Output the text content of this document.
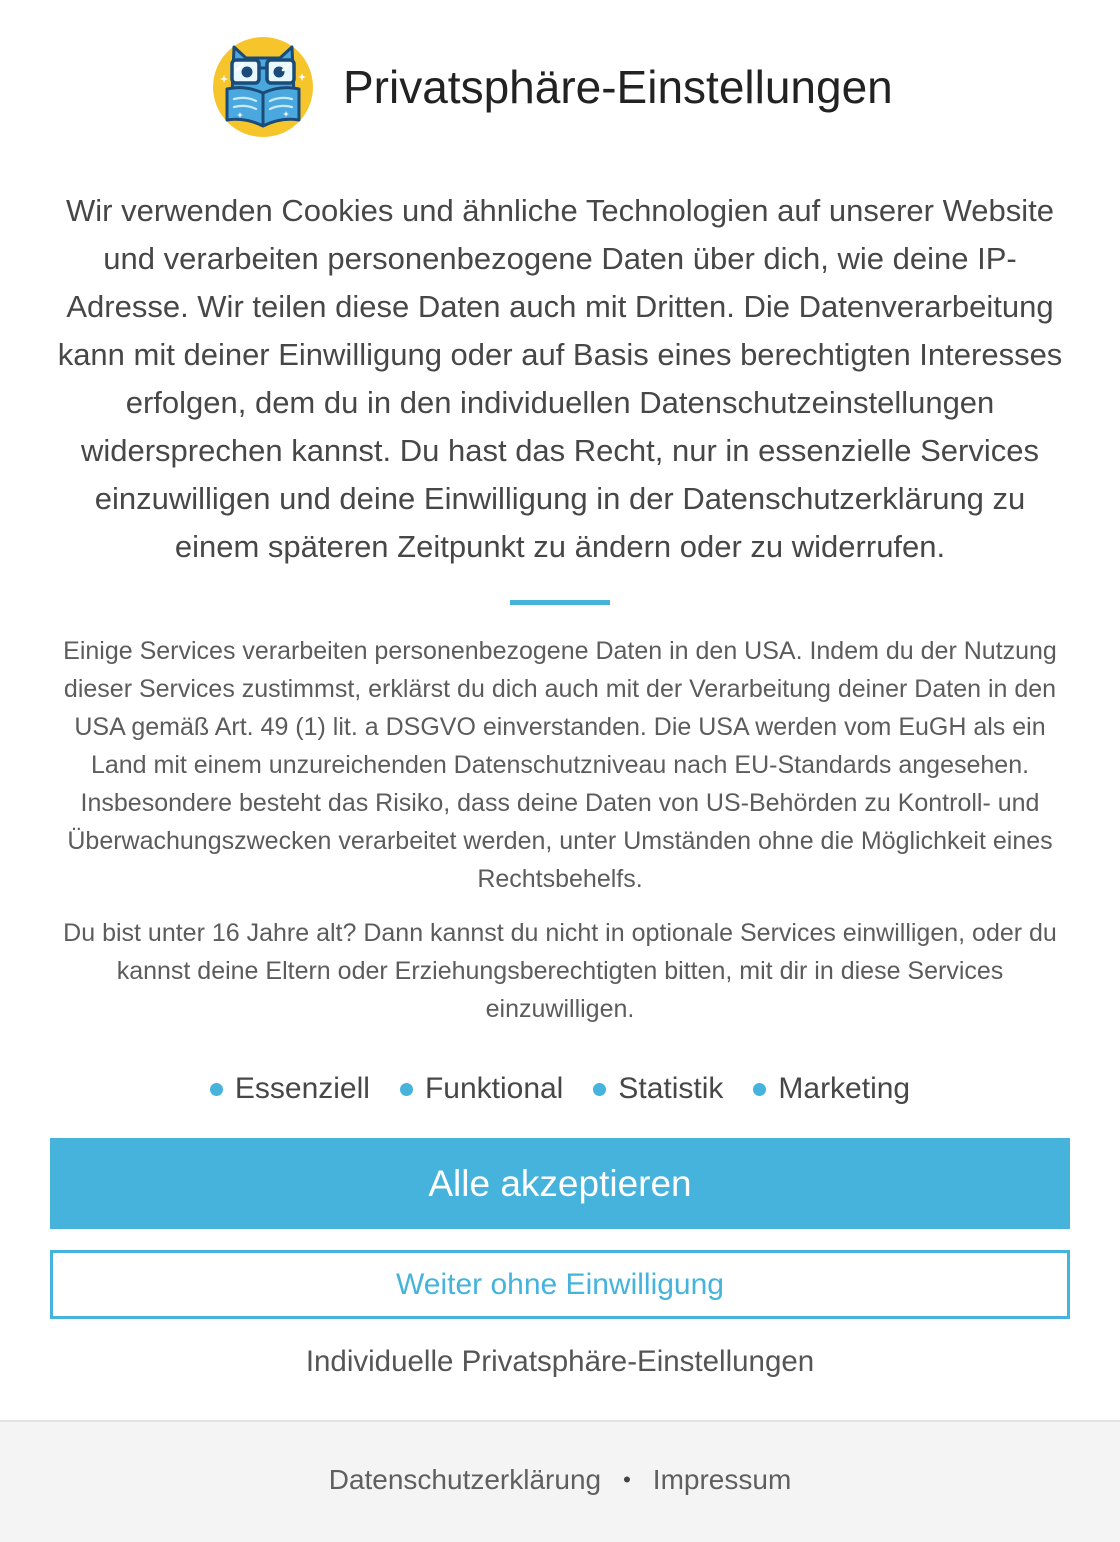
Privatsphäre-Einstellungen

Wir verwenden Cookies und ähnliche Technologien auf unserer Website und verarbeiten personenbezogene Daten über dich, wie deine IP-Adresse. Wir teilen diese Daten auch mit Dritten. Die Datenverarbeitung kann mit deiner Einwilligung oder auf Basis eines berechtigten Interesses erfolgen, dem du in den individuellen Datenschutzeinstellungen widersprechen kannst. Du hast das Recht, nur in essenzielle Services einzuwilligen und deine Einwilligung in der Datenschutzerklärung zu einem späteren Zeitpunkt zu ändern oder zu widerrufen.

Einige Services verarbeiten personenbezogene Daten in den USA. Indem du der Nutzung dieser Services zustimmst, erklärst du dich auch mit der Verarbeitung deiner Daten in den USA gemäß Art. 49 (1) lit. a DSGVO einverstanden. Die USA werden vom EuGH als ein Land mit einem unzureichenden Datenschutzniveau nach EU-Standards angesehen. Insbesondere besteht das Risiko, dass deine Daten von US-Behörden zu Kontroll- und Überwachungszwecken verarbeitet werden, unter Umständen ohne die Möglichkeit eines Rechtsbehelfs.

Du bist unter 16 Jahre alt? Dann kannst du nicht in optionale Services einwilligen, oder du kannst deine Eltern oder Erziehungsberechtigten bitten, mit dir in diese Services einzuwilligen.

Essenziell Funktional Statistik Marketing
Alle akzeptieren
Weiter ohne Einwilligung
Individuelle Privatsphäre-Einstellungen
Datenschutzerklärung • Impressum
